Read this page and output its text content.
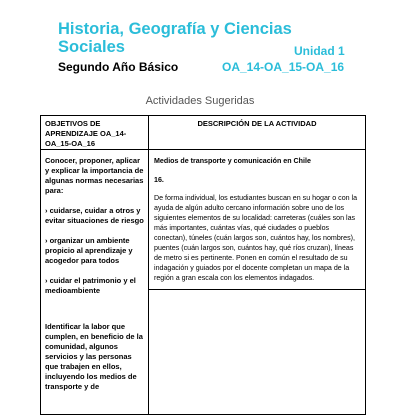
Historia, Geografía y Ciencias Sociales	Unidad 1
Segundo Año Básico	OA_14-OA_15-OA_16
Actividades Sugeridas
OBJETIVOS DE APRENDIZAJE OA_14-OA_15-OA_16
DESCRIPCIÓN DE LA ACTIVIDAD

Conocer, proponer, aplicar y explicar la importancia de algunas normas necesarias para:

› cuidarse, cuidar a otros y evitar situaciones de riesgo

› organizar un ambiente propicio al aprendizaje y acogedor para todos

› cuidar el patrimonio y el medioambiente

Identificar la labor que cumplen, en beneficio de la comunidad, algunos servicios y las personas que trabajen en ellos, incluyendo los medios de transporte y de

Medios de transporte y comunicación en Chile

16.

De forma individual, los estudiantes buscan en su hogar o con la ayuda de algún adulto cercano información sobre uno de los siguientes elementos de su localidad: carreteras (cuáles son las más importantes, cuántas vías, qué ciudades o pueblos conectan), túneles (cuán largos son, cuántos hay, los nombres), puentes (cuán largos son, cuántos hay, qué ríos cruzan), líneas de metro si es pertinente. Ponen en común el resultado de su indagación y guiados por el docente completan un mapa de la región a gran escala con los elementos indagados.
